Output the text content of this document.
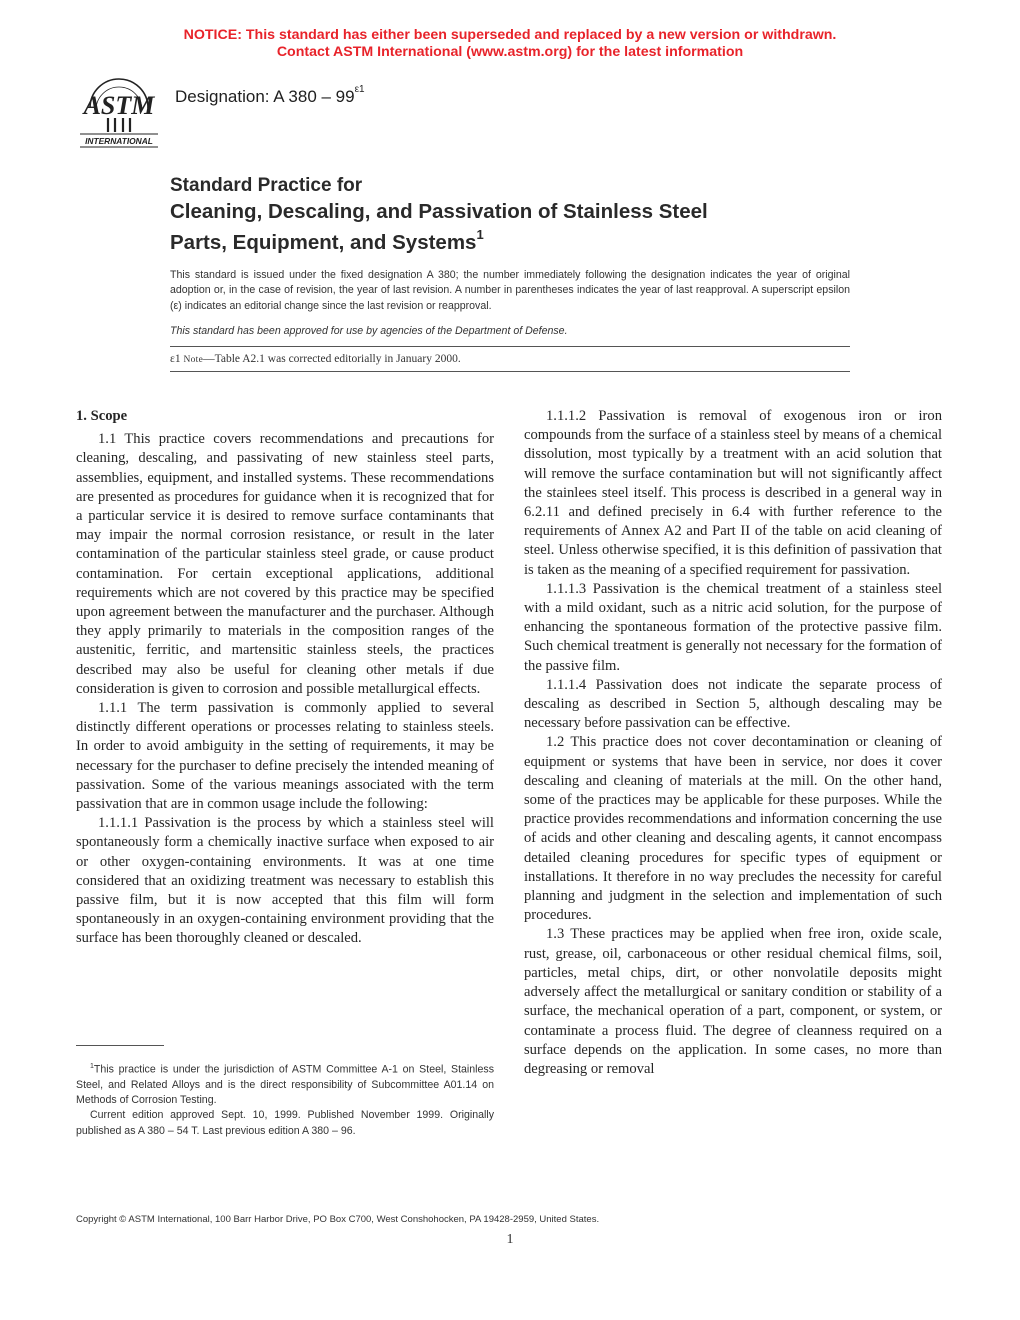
NOTICE: This standard has either been superseded and replaced by a new version or withdrawn.
Contact ASTM International (www.astm.org) for the latest information
ASTM
INTERNATIONAL
Designation: A $380 - 99^{\varepsilon 1}$
Standard Practice for
Cleaning, Descaling, and Passivation of Stainless Steel
Parts, Equipment, and Systems$^1$
This standard is issued under the fixed designation A 380; the number immediately following the designation indicates the year of original adoption or, in the case of revision, the year of last revision. A number in parentheses indicates the year of last reapproval. A superscript epsilon (ε) indicates an editorial change since the last revision or reapproval.
This standard has been approved for use by agencies of the Department of Defense.
ε1 Note—Table A2.1 was corrected editorially in January 2000.
1. Scope

1.1 This practice covers recommendations and precautions for cleaning, descaling, and passivating of new stainless steel parts, assemblies, equipment, and installed systems. These recommendations are presented as procedures for guidance when it is recognized that for a particular service it is desired to remove surface contaminants that may impair the normal corrosion resistance, or result in the later contamination of the particular stainless steel grade, or cause product contamination. For certain exceptional applications, additional requirements which are not covered by this practice may be specified upon agreement between the manufacturer and the purchaser. Although they apply primarily to materials in the composition ranges of the austenitic, ferritic, and martensitic stainless steels, the practices described may also be useful for cleaning other metals if due consideration is given to corrosion and possible metallurgical effects.

1.1.1 The term passivation is commonly applied to several distinctly different operations or processes relating to stainless steels. In order to avoid ambiguity in the setting of requirements, it may be necessary for the purchaser to define precisely the intended meaning of passivation. Some of the various meanings associated with the term passivation that are in common usage include the following:

1.1.1.1 Passivation is the process by which a stainless steel will spontaneously form a chemically inactive surface when exposed to air or other oxygen-containing environments. It was at one time considered that an oxidizing treatment was necessary to establish this passive film, but it is now accepted that this film will form spontaneously in an oxygen-containing environment providing that the surface has been thoroughly cleaned or descaled.

1.1.1.2 Passivation is removal of exogenous iron or iron compounds from the surface of a stainless steel by means of a chemical dissolution, most typically by a treatment with an acid solution that will remove the surface contamination but will not significantly affect the stainlees steel itself. This process is described in a general way in 6.2.11 and defined precisely in 6.4 with further reference to the requirements of Annex A2 and Part II of the table on acid cleaning of steel. Unless otherwise specified, it is this definition of passivation that is taken as the meaning of a specified requirement for passivation.

1.1.1.3 Passivation is the chemical treatment of a stainless steel with a mild oxidant, such as a nitric acid solution, for the purpose of enhancing the spontaneous formation of the protective passive film. Such chemical treatment is generally not necessary for the formation of the passive film.

1.1.1.4 Passivation does not indicate the separate process of descaling as described in Section 5, although descaling may be necessary before passivation can be effective.

1.2 This practice does not cover decontamination or cleaning of equipment or systems that have been in service, nor does it cover descaling and cleaning of materials at the mill. On the other hand, some of the practices may be applicable for these purposes. While the practice provides recommendations and information concerning the use of acids and other cleaning and descaling agents, it cannot encompass detailed cleaning procedures for specific types of equipment or installations. It therefore in no way precludes the necessity for careful planning and judgment in the selection and implementation of such procedures.

1.3 These practices may be applied when free iron, oxide scale, rust, grease, oil, carbonaceous or other residual chemical films, soil, particles, metal chips, dirt, or other nonvolatile deposits might adversely affect the metallurgical or sanitary condition or stability of a surface, the mechanical operation of a part, component, or system, or contaminate a process fluid. The degree of cleanness required on a surface depends on the application. In some cases, no more than degreasing or removal

$^1$This practice is under the jurisdiction of ASTM Committee A-1 on Steel, Stainless Steel, and Related Alloys and is the direct responsibility of Subcommittee A01.14 on Methods of Corrosion Testing.

Current edition approved Sept. 10, 1999. Published November 1999. Originally published as A 380 – 54 T. Last previous edition A 380 – 96.

Copyright © ASTM International, 100 Barr Harbor Drive, PO Box C700, West Conshohocken, PA 19428-2959, United States.
1
